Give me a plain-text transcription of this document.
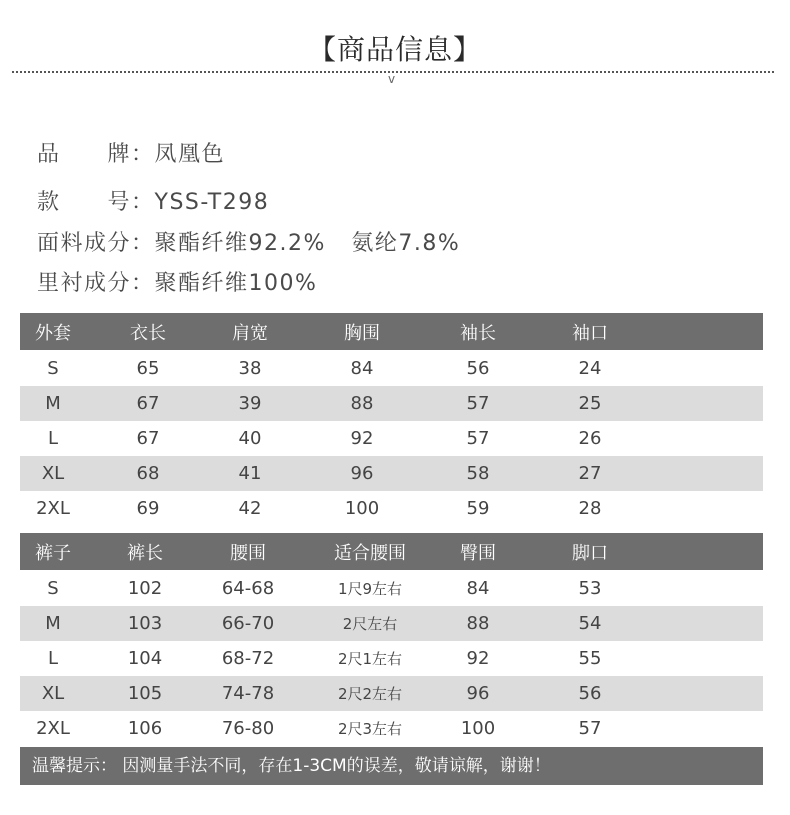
【商品信息】
v

品　　牌：凤凰色

款　　号：YSS-T298

面料成分：聚酯纤维92.2%   氨纶7.8%

里衬成分：聚酯纤维100%

外套	衣长	肩宽	胸围	袖长	袖口
S	65	38	84	56	24
M	67	39	88	57	25
L	67	40	92	57	26
XL	68	41	96	58	27
2XL	69	42	100	59	28
裤子	裤长	腰围	适合腰围	臀围	脚口
S	102	64-68	1尺9左右	84	53
M	103	66-70	2尺左右	88	54
L	104	68-72	2尺1左右	92	55
XL	105	74-78	2尺2左右	96	56
2XL	106	76-80	2尺3左右	100	57
温馨提示： 因测量手法不同，存在1-3CM的误差，敬请谅解，谢谢！
